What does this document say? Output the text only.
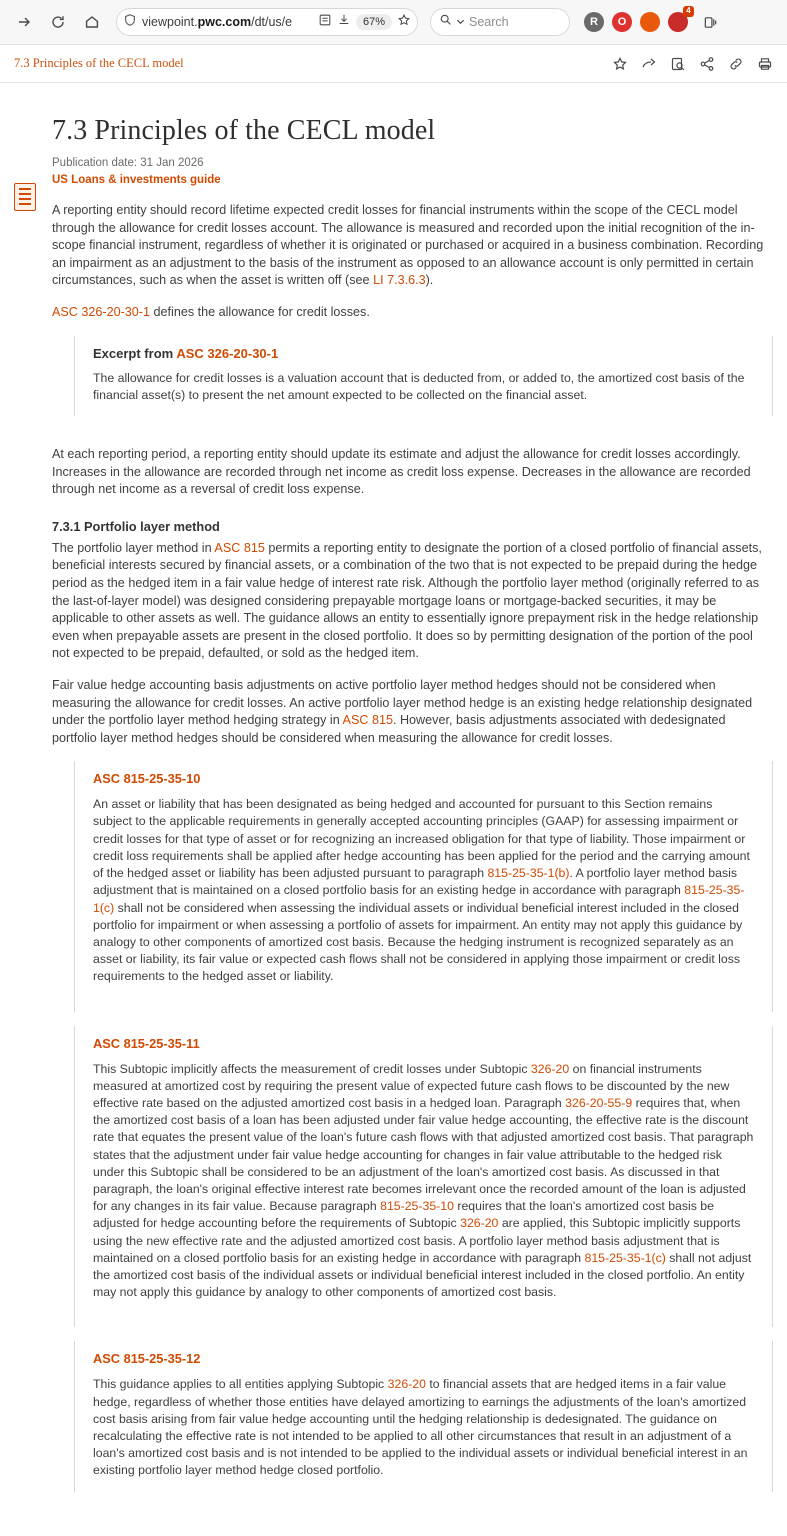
viewpoint.pwc.com/dt/us/e	67%	Search	R	O
4
7.3 Principles of the CECL model
7.3 Principles of the CECL model
Publication date: 31 Jan 2026
US Loans & investments guide

A reporting entity should record lifetime expected credit losses for financial instruments within the scope of the CECL model through the allowance for credit losses account. The allowance is measured and recorded upon the initial recognition of the in-scope financial instrument, regardless of whether it is originated or purchased or acquired in a business combination. Recording an impairment as an adjustment to the basis of the instrument as opposed to an allowance account is only permitted in certain circumstances, such as when the asset is written off (see LI 7.3.6.3).

ASC 326-20-30-1 defines the allowance for credit losses.

Excerpt from ASC 326-20-30-1

The allowance for credit losses is a valuation account that is deducted from, or added to, the amortized cost basis of the financial asset(s) to present the net amount expected to be collected on the financial asset.

At each reporting period, a reporting entity should update its estimate and adjust the allowance for credit losses accordingly. Increases in the allowance are recorded through net income as credit loss expense. Decreases in the allowance are recorded through net income as a reversal of credit loss expense.

7.3.1 Portfolio layer method

The portfolio layer method in ASC 815 permits a reporting entity to designate the portion of a closed portfolio of financial assets, beneficial interests secured by financial assets, or a combination of the two that is not expected to be prepaid during the hedge period as the hedged item in a fair value hedge of interest rate risk. Although the portfolio layer method (originally referred to as the last-of-layer model) was designed considering prepayable mortgage loans or mortgage-backed securities, it may be applicable to other assets as well. The guidance allows an entity to essentially ignore prepayment risk in the hedge relationship even when prepayable assets are present in the closed portfolio. It does so by permitting designation of the portion of the pool not expected to be prepaid, defaulted, or sold as the hedged item.

Fair value hedge accounting basis adjustments on active portfolio layer method hedges should not be considered when measuring the allowance for credit losses. An active portfolio layer method hedge is an existing hedge relationship designated under the portfolio layer method hedging strategy in ASC 815. However, basis adjustments associated with dedesignated portfolio layer method hedges should be considered when measuring the allowance for credit losses.

ASC 815-25-35-10

An asset or liability that has been designated as being hedged and accounted for pursuant to this Section remains subject to the applicable requirements in generally accepted accounting principles (GAAP) for assessing impairment or credit losses for that type of asset or for recognizing an increased obligation for that type of liability. Those impairment or credit loss requirements shall be applied after hedge accounting has been applied for the period and the carrying amount of the hedged asset or liability has been adjusted pursuant to paragraph 815-25-35-1(b). A portfolio layer method basis adjustment that is maintained on a closed portfolio basis for an existing hedge in accordance with paragraph 815-25-35-1(c) shall not be considered when assessing the individual assets or individual beneficial interest included in the closed portfolio for impairment or when assessing a portfolio of assets for impairment. An entity may not apply this guidance by analogy to other components of amortized cost basis. Because the hedging instrument is recognized separately as an asset or liability, its fair value or expected cash flows shall not be considered in applying those impairment or credit loss requirements to the hedged asset or liability.

ASC 815-25-35-11

This Subtopic implicitly affects the measurement of credit losses under Subtopic 326-20 on financial instruments measured at amortized cost by requiring the present value of expected future cash flows to be discounted by the new effective rate based on the adjusted amortized cost basis in a hedged loan. Paragraph 326-20-55-9 requires that, when the amortized cost basis of a loan has been adjusted under fair value hedge accounting, the effective rate is the discount rate that equates the present value of the loan's future cash flows with that adjusted amortized cost basis. That paragraph states that the adjustment under fair value hedge accounting for changes in fair value attributable to the hedged risk under this Subtopic shall be considered to be an adjustment of the loan's amortized cost basis. As discussed in that paragraph, the loan's original effective interest rate becomes irrelevant once the recorded amount of the loan is adjusted for any changes in its fair value. Because paragraph 815-25-35-10 requires that the loan's amortized cost basis be adjusted for hedge accounting before the requirements of Subtopic 326-20 are applied, this Subtopic implicitly supports using the new effective rate and the adjusted amortized cost basis. A portfolio layer method basis adjustment that is maintained on a closed portfolio basis for an existing hedge in accordance with paragraph 815-25-35-1(c) shall not adjust the amortized cost basis of the individual assets or individual beneficial interest included in the closed portfolio. An entity may not apply this guidance by analogy to other components of amortized cost basis.

ASC 815-25-35-12

This guidance applies to all entities applying Subtopic 326-20 to financial assets that are hedged items in a fair value hedge, regardless of whether those entities have delayed amortizing to earnings the adjustments of the loan's amortized cost basis arising from fair value hedge accounting until the hedging relationship is dedesignated. The guidance on recalculating the effective rate is not intended to be applied to all other circumstances that result in an adjustment of a loan's amortized cost basis and is not intended to be applied to the individual assets or individual beneficial interest in an existing portfolio layer method hedge closed portfolio.
